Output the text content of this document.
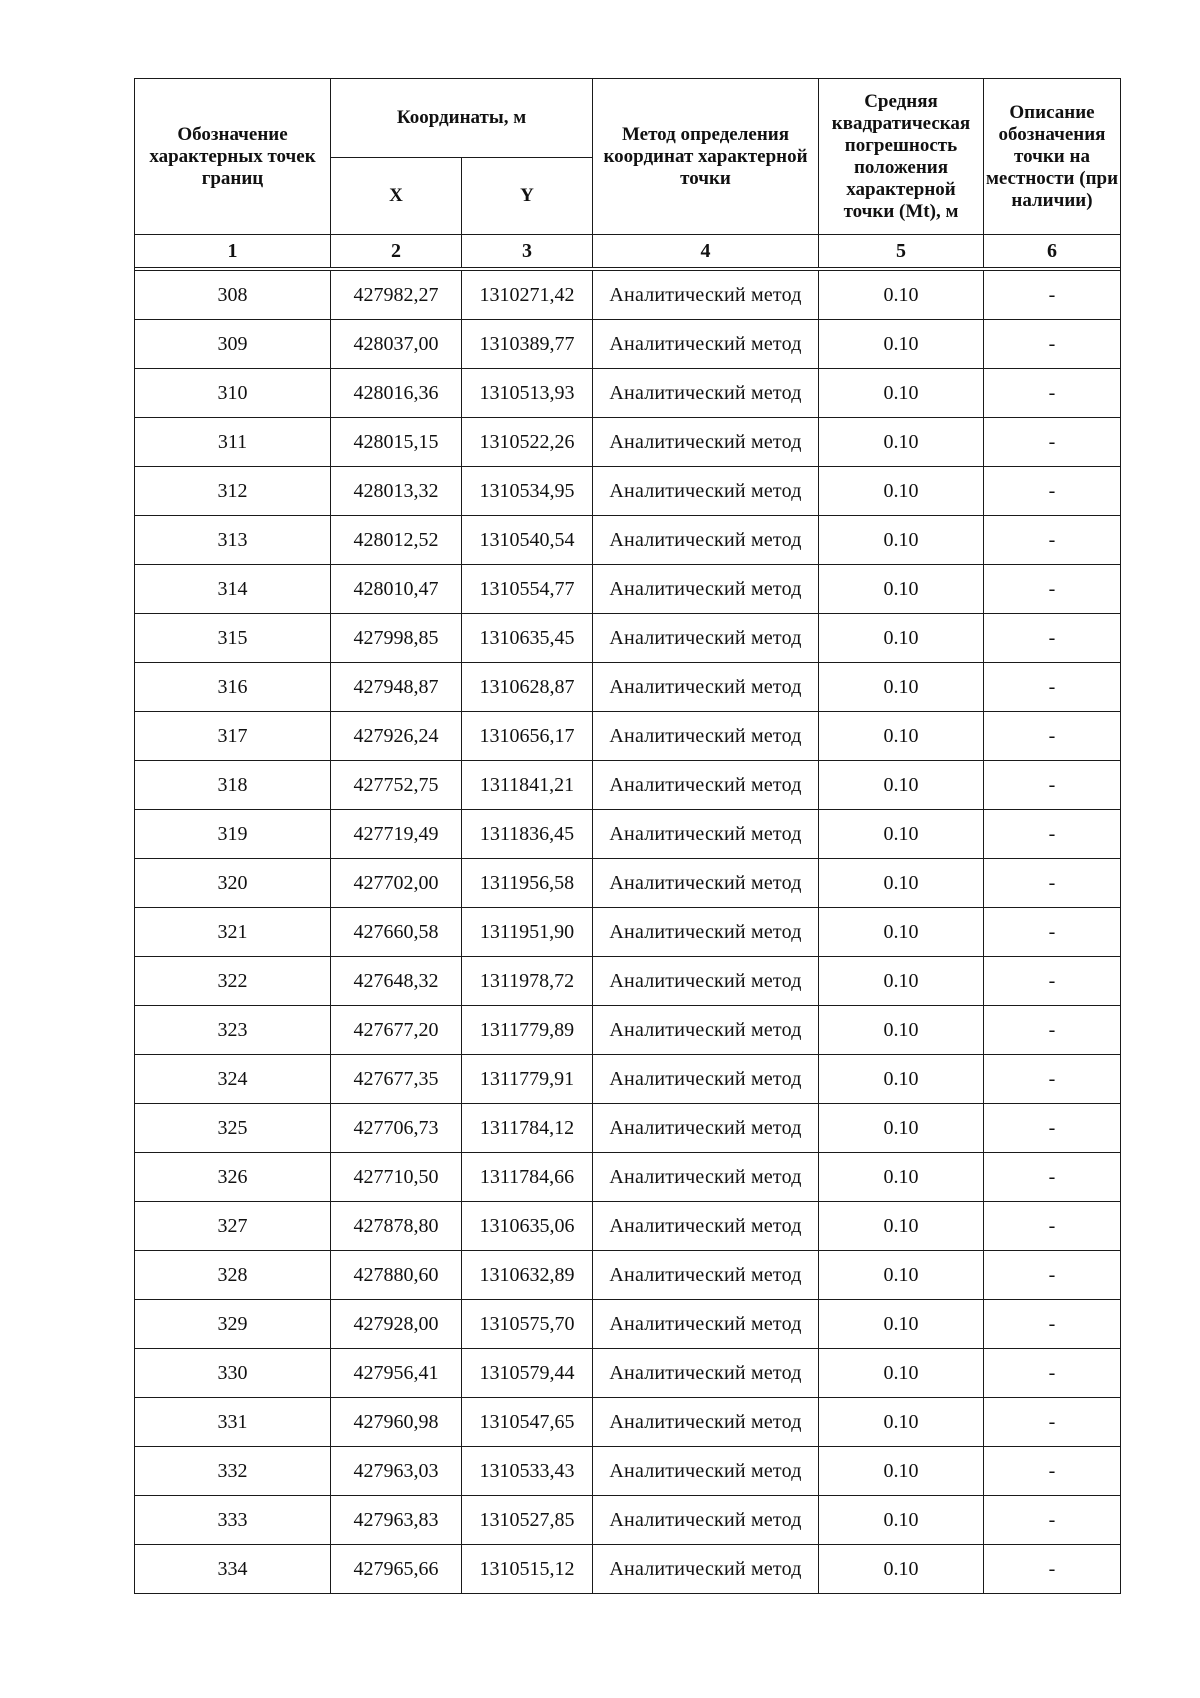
Обозначение характерных точек границ	Координаты, м		Метод определения координат характерной точки	Средняя квадратическая погрешность положения характерной точки (Mt), м	Описание обозначения точки на местности (при наличии)
	X	Y			
1	2	3	4	5	6

308	427982,27	1310271,42	Аналитический метод	0.10	-
309	428037,00	1310389,77	Аналитический метод	0.10	-
310	428016,36	1310513,93	Аналитический метод	0.10	-
311	428015,15	1310522,26	Аналитический метод	0.10	-
312	428013,32	1310534,95	Аналитический метод	0.10	-
313	428012,52	1310540,54	Аналитический метод	0.10	-
314	428010,47	1310554,77	Аналитический метод	0.10	-
315	427998,85	1310635,45	Аналитический метод	0.10	-
316	427948,87	1310628,87	Аналитический метод	0.10	-
317	427926,24	1310656,17	Аналитический метод	0.10	-
318	427752,75	1311841,21	Аналитический метод	0.10	-
319	427719,49	1311836,45	Аналитический метод	0.10	-
320	427702,00	1311956,58	Аналитический метод	0.10	-
321	427660,58	1311951,90	Аналитический метод	0.10	-
322	427648,32	1311978,72	Аналитический метод	0.10	-
323	427677,20	1311779,89	Аналитический метод	0.10	-
324	427677,35	1311779,91	Аналитический метод	0.10	-
325	427706,73	1311784,12	Аналитический метод	0.10	-
326	427710,50	1311784,66	Аналитический метод	0.10	-
327	427878,80	1310635,06	Аналитический метод	0.10	-
328	427880,60	1310632,89	Аналитический метод	0.10	-
329	427928,00	1310575,70	Аналитический метод	0.10	-
330	427956,41	1310579,44	Аналитический метод	0.10	-
331	427960,98	1310547,65	Аналитический метод	0.10	-
332	427963,03	1310533,43	Аналитический метод	0.10	-
333	427963,83	1310527,85	Аналитический метод	0.10	-
334	427965,66	1310515,12	Аналитический метод	0.10	-
